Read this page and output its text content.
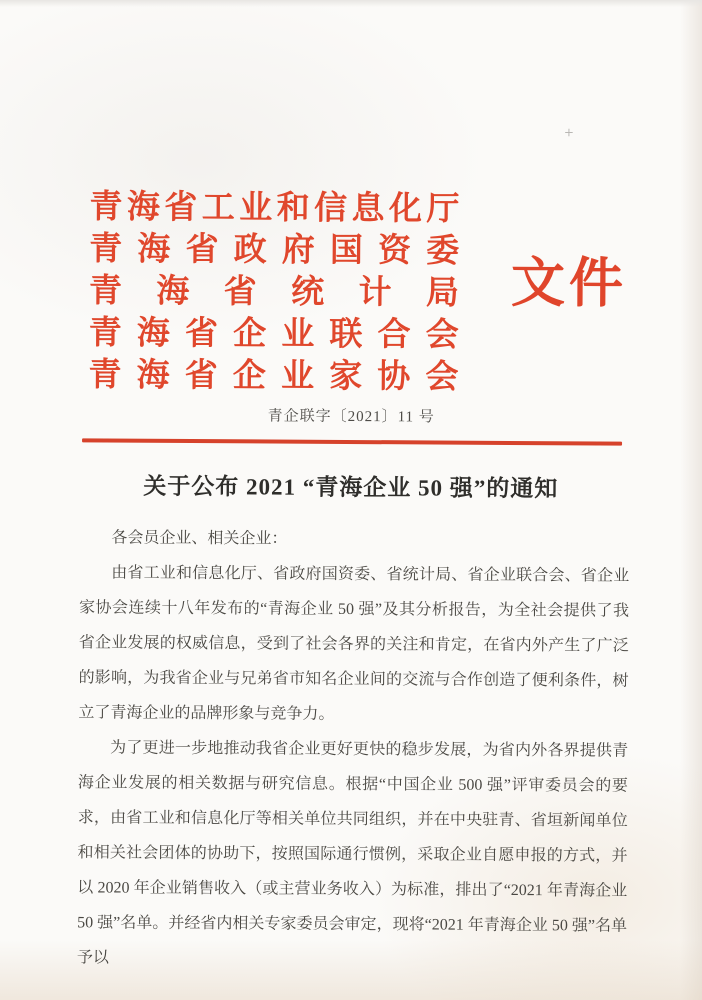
+
青 海 省 工 业 和 信 息 化 厅
青 海 省 政 府 国 资 委
青 海 省 统 计 局
青 海 省 企 业 联 合 会
青 海 省 企 业 家 协 会
文件
青企联字〔2021〕11 号
关于公布 2021 “青海企业 50 强”的通知

各会员企业、相关企业：

由省工业和信息化厅、省政府国资委、省统计局、省企业联合会、省企业家协会连续十八年发布的“青海企业 50 强”及其分析报告，为全社会提供了我省企业发展的权威信息，受到了社会各界的关注和肯定，在省内外产生了广泛的影响，为我省企业与兄弟省市知名企业间的交流与合作创造了便利条件，树立了青海企业的品牌形象与竞争力。

为了更进一步地推动我省企业更好更快的稳步发展，为省内外各界提供青海企业发展的相关数据与研究信息。根据“中国企业 500 强”评审委员会的要求，由省工业和信息化厅等相关单位共同组织，并在中央驻青、省垣新闻单位和相关社会团体的协助下，按照国际通行惯例，采取企业自愿申报的方式，并以 2020 年企业销售收入（或主营业务收入）为标准，排出了“2021 年青海企业 50 强”名单。并经省内相关专家委员会审定，现将“2021 年青海企业 50 强”名单予以
